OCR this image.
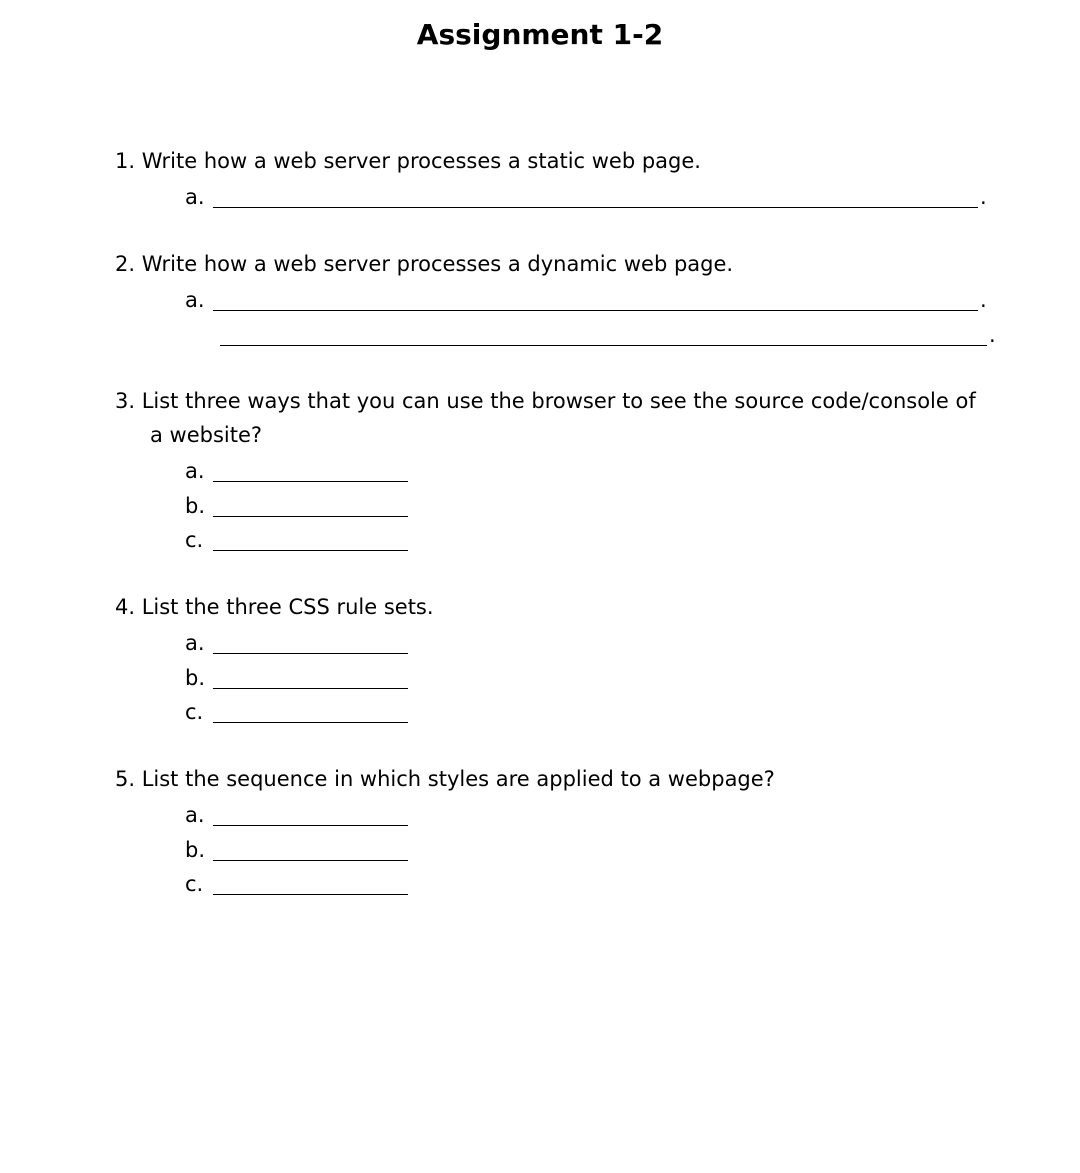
Assignment 1-2
1. Write how a web server processes a static web page.
a.	.
2. Write how a web server processes a dynamic web page.
a.	.
.
3. List three ways that you can use the browser to see the source code/console of
a website?
a.
b.
c.
4. List the three CSS rule sets.
a.
b.
c.
5. List the sequence in which styles are applied to a webpage?
a.
b.
c.
